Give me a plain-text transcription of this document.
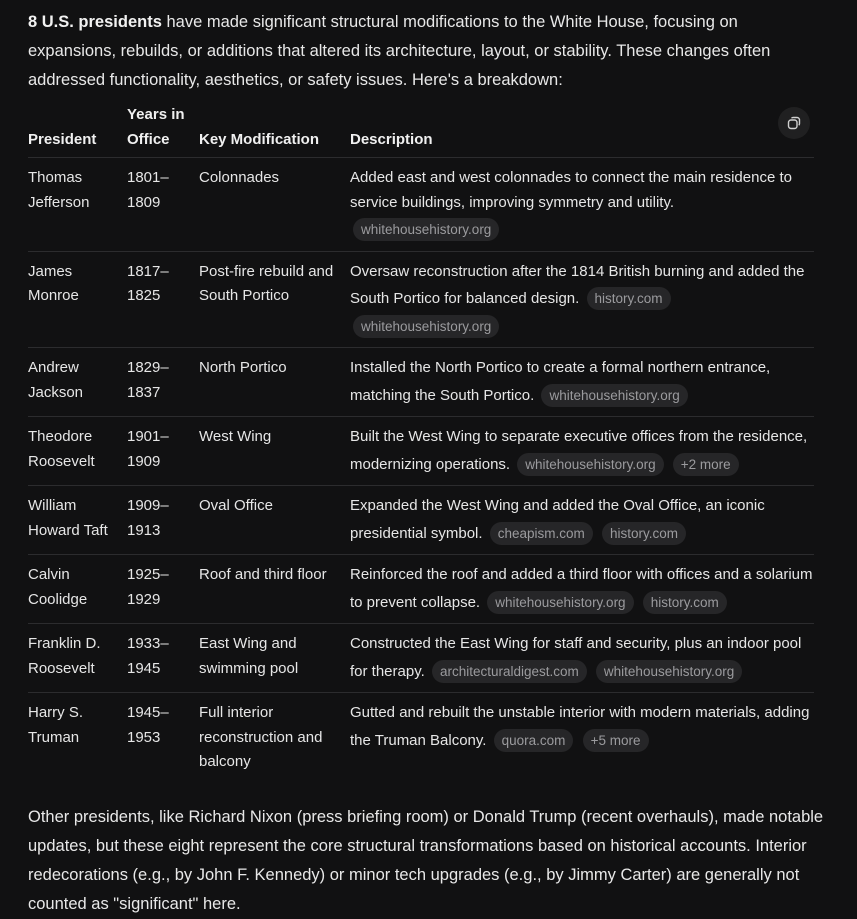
8 U.S. presidents have made significant structural modifications to the White House, focusing on expansions, rebuilds, or additions that altered its architecture, layout, or stability. These changes often addressed functionality, aesthetics, or safety issues. Here's a breakdown:

President	Years in Office	Key Modification	Description
Thomas Jefferson	1801–1809	Colonnades	Added east and west colonnades to connect the main residence to service buildings, improving symmetry and utility.
whitehousehistory.org

James Monroe	1817–1825	Post-fire rebuild and South Portico	Oversaw reconstruction after the 1814 British burning and added the South Portico for balanced design. history.com whitehousehistory.org
Andrew Jackson	1829–1837	North Portico	Installed the North Portico to create a formal northern entrance, matching the South Portico. whitehousehistory.org
Theodore Roosevelt	1901–1909	West Wing	Built the West Wing to separate executive offices from the residence, modernizing operations. whitehousehistory.org +2 more
William Howard Taft	1909–1913	Oval Office	Expanded the West Wing and added the Oval Office, an iconic presidential symbol. cheapism.com history.com
Calvin Coolidge	1925–1929	Roof and third floor	Reinforced the roof and added a third floor with offices and a solarium to prevent collapse. whitehousehistory.org history.com
Franklin D. Roosevelt	1933–1945	East Wing and swimming pool	Constructed the East Wing for staff and security, plus an indoor pool for therapy. architecturaldigest.com whitehousehistory.org
Harry S. Truman	1945–1953	Full interior reconstruction and balcony	Gutted and rebuilt the unstable interior with modern materials, adding the Truman Balcony. quora.com +5 more

Other presidents, like Richard Nixon (press briefing room) or Donald Trump (recent overhauls), made notable updates, but these eight represent the core structural transformations based on historical accounts. Interior redecorations (e.g., by John F. Kennedy) or minor tech upgrades (e.g., by Jimmy Carter) are generally not counted as "significant" here.
